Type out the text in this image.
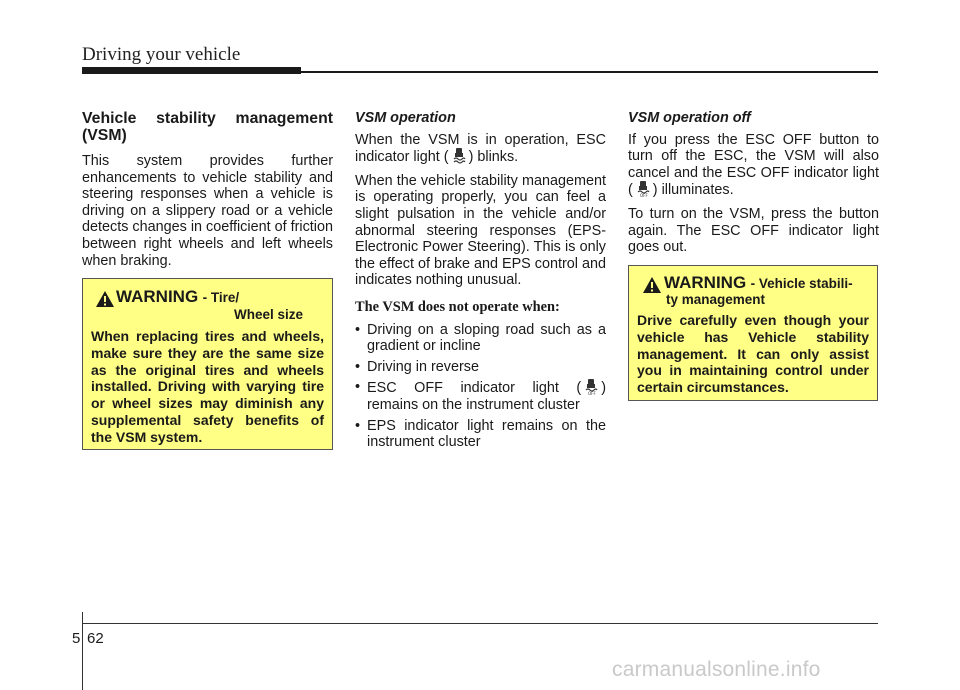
Driving your vehicle

Vehicle stability management (VSM)

This system provides further enhancements to vehicle stability and steering responses when a vehicle is driving on a slippery road or a vehicle detects changes in coefficient of friction between right wheels and left wheels when braking.

WARNING - Tire/
Wheel size
When replacing tires and wheels, make sure they are the same size as the original tires and wheels installed. Driving with varying tire or wheel sizes may diminish any supplemental safety benefits of the VSM system.

VSM operation

When the VSM is in operation, ESC indicator light ( ) blinks.

When the vehicle stability management is operating properly, you can feel a slight pulsation in the vehicle and/or abnormal steering responses (EPS- Electronic Power Steering). This is only the effect of brake and EPS control and indicates nothing unusual.

The VSM does not operate when:

• Driving on a sloping road such as a gradient or incline
• Driving in reverse
• ESC OFF indicator light ( OFF ) remains on the instrument cluster
• EPS indicator light remains on the instrument cluster

VSM operation off

If you press the ESC OFF button to turn off the ESC, the VSM will also cancel and the ESC OFF indicator light ( OFF ) illuminates.

To turn on the VSM, press the button again. The ESC OFF indicator light goes out.

WARNING - Vehicle stabili-
ty management
Drive carefully even though your vehicle has Vehicle stability management. It can only assist you in maintaining control under certain circumstances.
5 62
carmanualsonline.info
